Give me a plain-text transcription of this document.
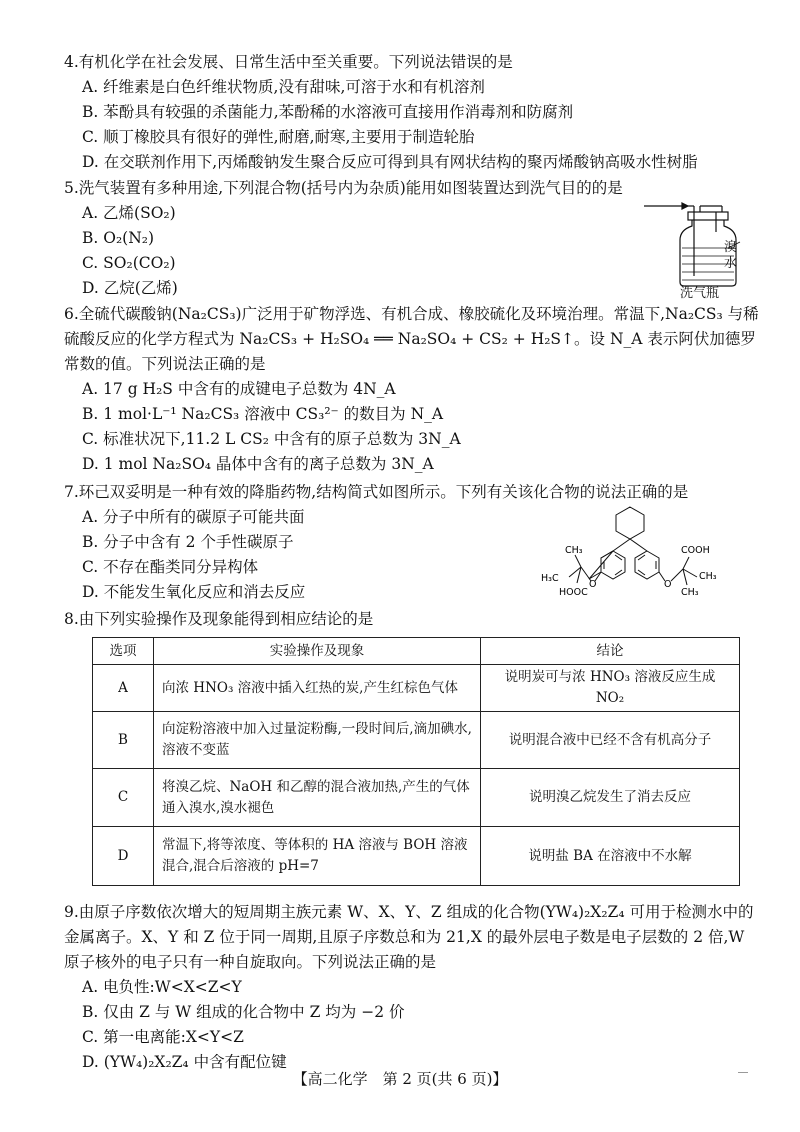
4.有机化学在社会发展、日常生活中至关重要。下列说法错误的是
A. 纤维素是白色纤维状物质,没有甜味,可溶于水和有机溶剂
B. 苯酚具有较强的杀菌能力,苯酚稀的水溶液可直接用作消毒剂和防腐剂
C. 顺丁橡胶具有很好的弹性,耐磨,耐寒,主要用于制造轮胎
D. 在交联剂作用下,丙烯酸钠发生聚合反应可得到具有网状结构的聚丙烯酸钠高吸水性树脂
5.洗气装置有多种用途,下列混合物(括号内为杂质)能用如图装置达到洗气目的的是
A. 乙烯(SO₂)
B. O₂(N₂)
C. SO₂(CO₂)
D. 乙烷(乙烯)
溴水
洗气瓶
6.全硫代碳酸钠(Na₂CS₃)广泛用于矿物浮选、有机合成、橡胶硫化及环境治理。常温下,Na₂CS₃ 与稀硫酸反应的化学方程式为 Na₂CS₃ + H₂SO₄ ══ Na₂SO₄ + CS₂ + H₂S↑。设 N_A 表示阿伏加德罗常数的值。下列说法正确的是
A. 17 g H₂S 中含有的成键电子总数为 4N_A
B. 1 mol·L⁻¹ Na₂CS₃ 溶液中 CS₃²⁻ 的数目为 N_A
C. 标准状况下,11.2 L CS₂ 中含有的原子总数为 3N_A
D. 1 mol Na₂SO₄ 晶体中含有的离子总数为 3N_A
7.环己双妥明是一种有效的降脂药物,结构简式如图所示。下列有关该化合物的说法正确的是
A. 分子中所有的碳原子可能共面
B. 分子中含有 2 个手性碳原子
C. 不存在酯类同分异构体
D. 不能发生氧化反应和消去反应
CH₃
H₃C
O
HOOC
COOH
O
CH₃
CH₃
8.由下列实验操作及现象能得到相应结论的是
选项	实验操作及现象	结论
A	向浓 HNO₃ 溶液中插入红热的炭,产生红棕色气体	说明炭可与浓 HNO₃ 溶液反应生成 NO₂
B	向淀粉溶液中加入过量淀粉酶,一段时间后,滴加碘水,溶液不变蓝	说明混合液中已经不含有机高分子
C	将溴乙烷、NaOH 和乙醇的混合液加热,产生的气体通入溴水,溴水褪色	说明溴乙烷发生了消去反应
D	常温下,将等浓度、等体积的 HA 溶液与 BOH 溶液混合,混合后溶液的 pH=7	说明盐 BA 在溶液中不水解
9.由原子序数依次增大的短周期主族元素 W、X、Y、Z 组成的化合物(YW₄)₂X₂Z₄ 可用于检测水中的金属离子。X、Y 和 Z 位于同一周期,且原子序数总和为 21,X 的最外层电子数是电子层数的 2 倍,W 原子核外的电子只有一种自旋取向。下列说法正确的是
A. 电负性:W<X<Z<Y
B. 仅由 Z 与 W 组成的化合物中 Z 均为 −2 价
C. 第一电离能:X<Y<Z
D. (YW₄)₂X₂Z₄ 中含有配位键
【高二化学　第 2 页(共 6 页)】
